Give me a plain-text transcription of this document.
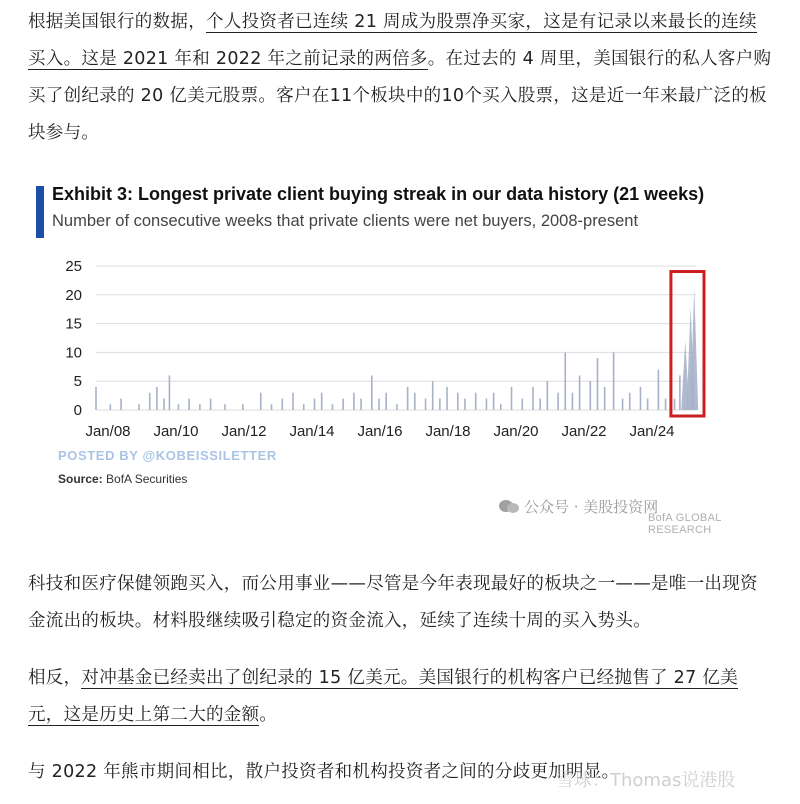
根据美国银行的数据，个人投资者已连续 21 周成为股票净买家，这是有记录以来最长的连续买入。这是 2021 年和 2022 年之前记录的两倍多。在过去的 4 周里，美国银行的私人客户购买了创纪录的 20 亿美元股票。客户在11个板块中的10个买入股票，这是近一年来最广泛的板块参与。
Exhibit 3: Longest private client buying streak in our data history (21 weeks)
Number of consecutive weeks that private clients were net buyers, 2008-present
25
20
15
10
5
0
Jan/08 Jan/10 Jan/12 Jan/14 Jan/16 Jan/18 Jan/20 Jan/22 Jan/24
POSTED BY @KOBEISSILETTER
Source: BofA Securities
公众号 · 美股投资网
BofA GLOBAL RESEARCH
科技和医疗保健领跑买入，而公用事业——尽管是今年表现最好的板块之一——是唯一出现资金流出的板块。材料股继续吸引稳定的资金流入，延续了连续十周的买入势头。
相反，对冲基金已经卖出了创纪录的 15 亿美元。美国银行的机构客户已经抛售了 27 亿美元，这是历史上第二大的金额。
与 2022 年熊市期间相比，散户投资者和机构投资者之间的分歧更加明显。
雪球：Thomas说港股
